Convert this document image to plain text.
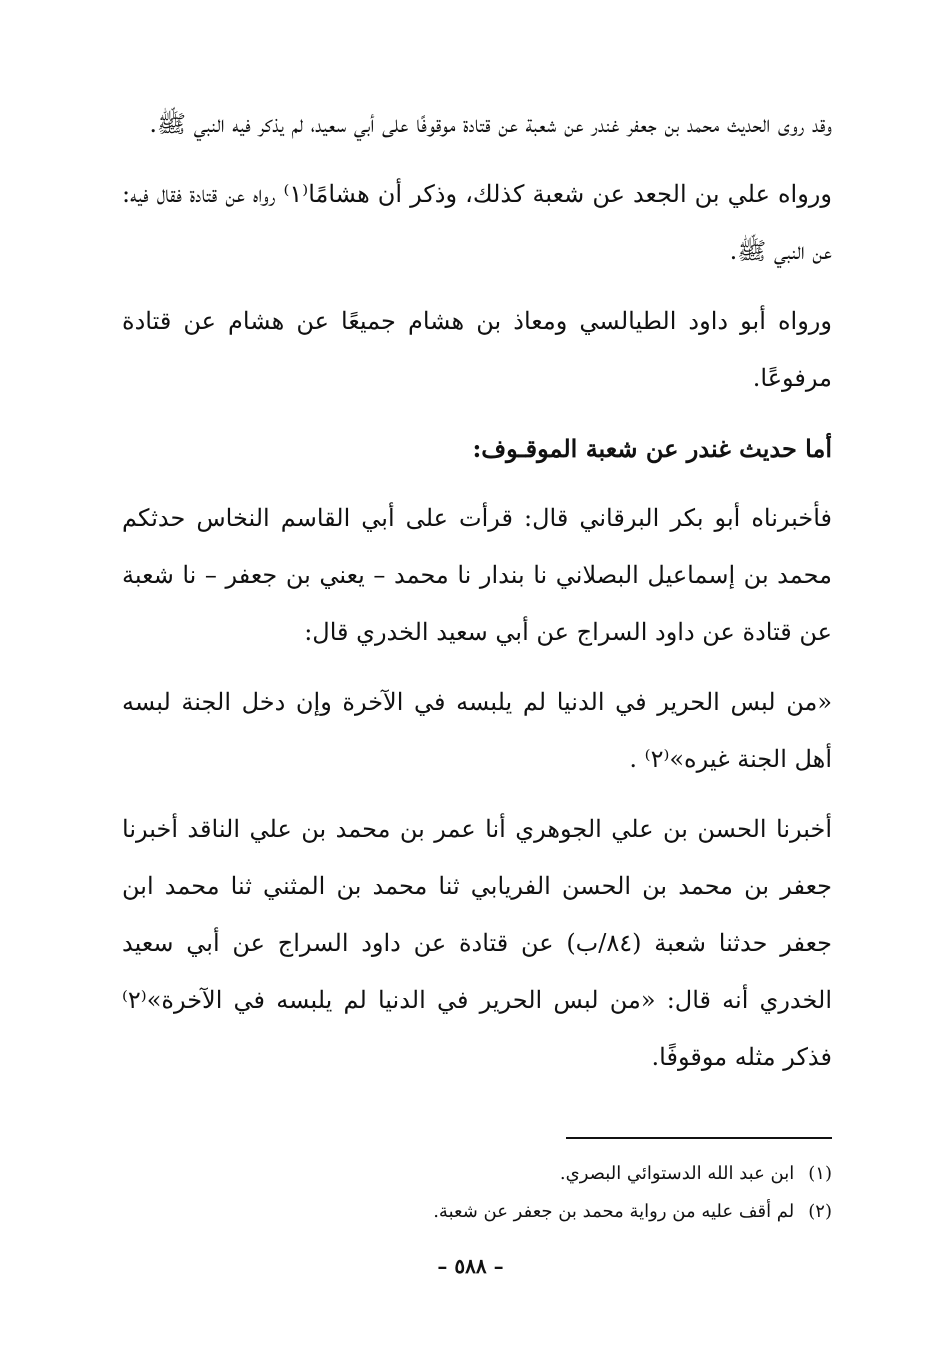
وقد روى الحديث محمد بن جعفر غندر عن شعبة عن قتادة موقوفًا على أبي سعيد، لم يذكر فيه النبي ﷺ.

ورواه علي بن الجعد عن شعبة كذلك، وذكر أن هشامًا⁽١⁾ رواه عن قتادة فقال فيه: عن النبي ﷺ.

ورواه أبو داود الطيالسي ومعاذ بن هشام جميعًا عن هشام عن قتادة مرفوعًا.

أما حديث غندر عن شعبة الموقـوف:

فأخبرناه أبو بكر البرقاني قال: قرأت على أبي القاسم النخاس حدثكم محمد بن إسماعيل البصلاني نا بندار نا محمد – يعني بن جعفر – نا شعبة عن قتادة عن داود السراج عن أبي سعيد الخدري قال:

«من لبس الحرير في الدنيا لم يلبسه في الآخرة وإن دخل الجنة لبسه أهل الجنة غيره»⁽٢⁾ .

أخبرنا الحسن بن علي الجوهري أنا عمر بن محمد بن علي الناقد أخبرنا جعفر بن محمد بن الحسن الفريابي ثنا محمد بن المثني ثنا محمد ابن جعفر حدثنا شعبة (٨٤/ب) عن قتادة عن داود السراج عن أبي سعيد الخدري أنه قال: «من لبس الحرير في الدنيا لم يلبسه في الآخرة»⁽٢⁾ فذكر مثله موقوفًا.

(١)ابن عبد الله الدستوائي البصري.
(٢)لم أقف عليه من رواية محمد بن جعفر عن شعبة.
– ٥٨٨ –
